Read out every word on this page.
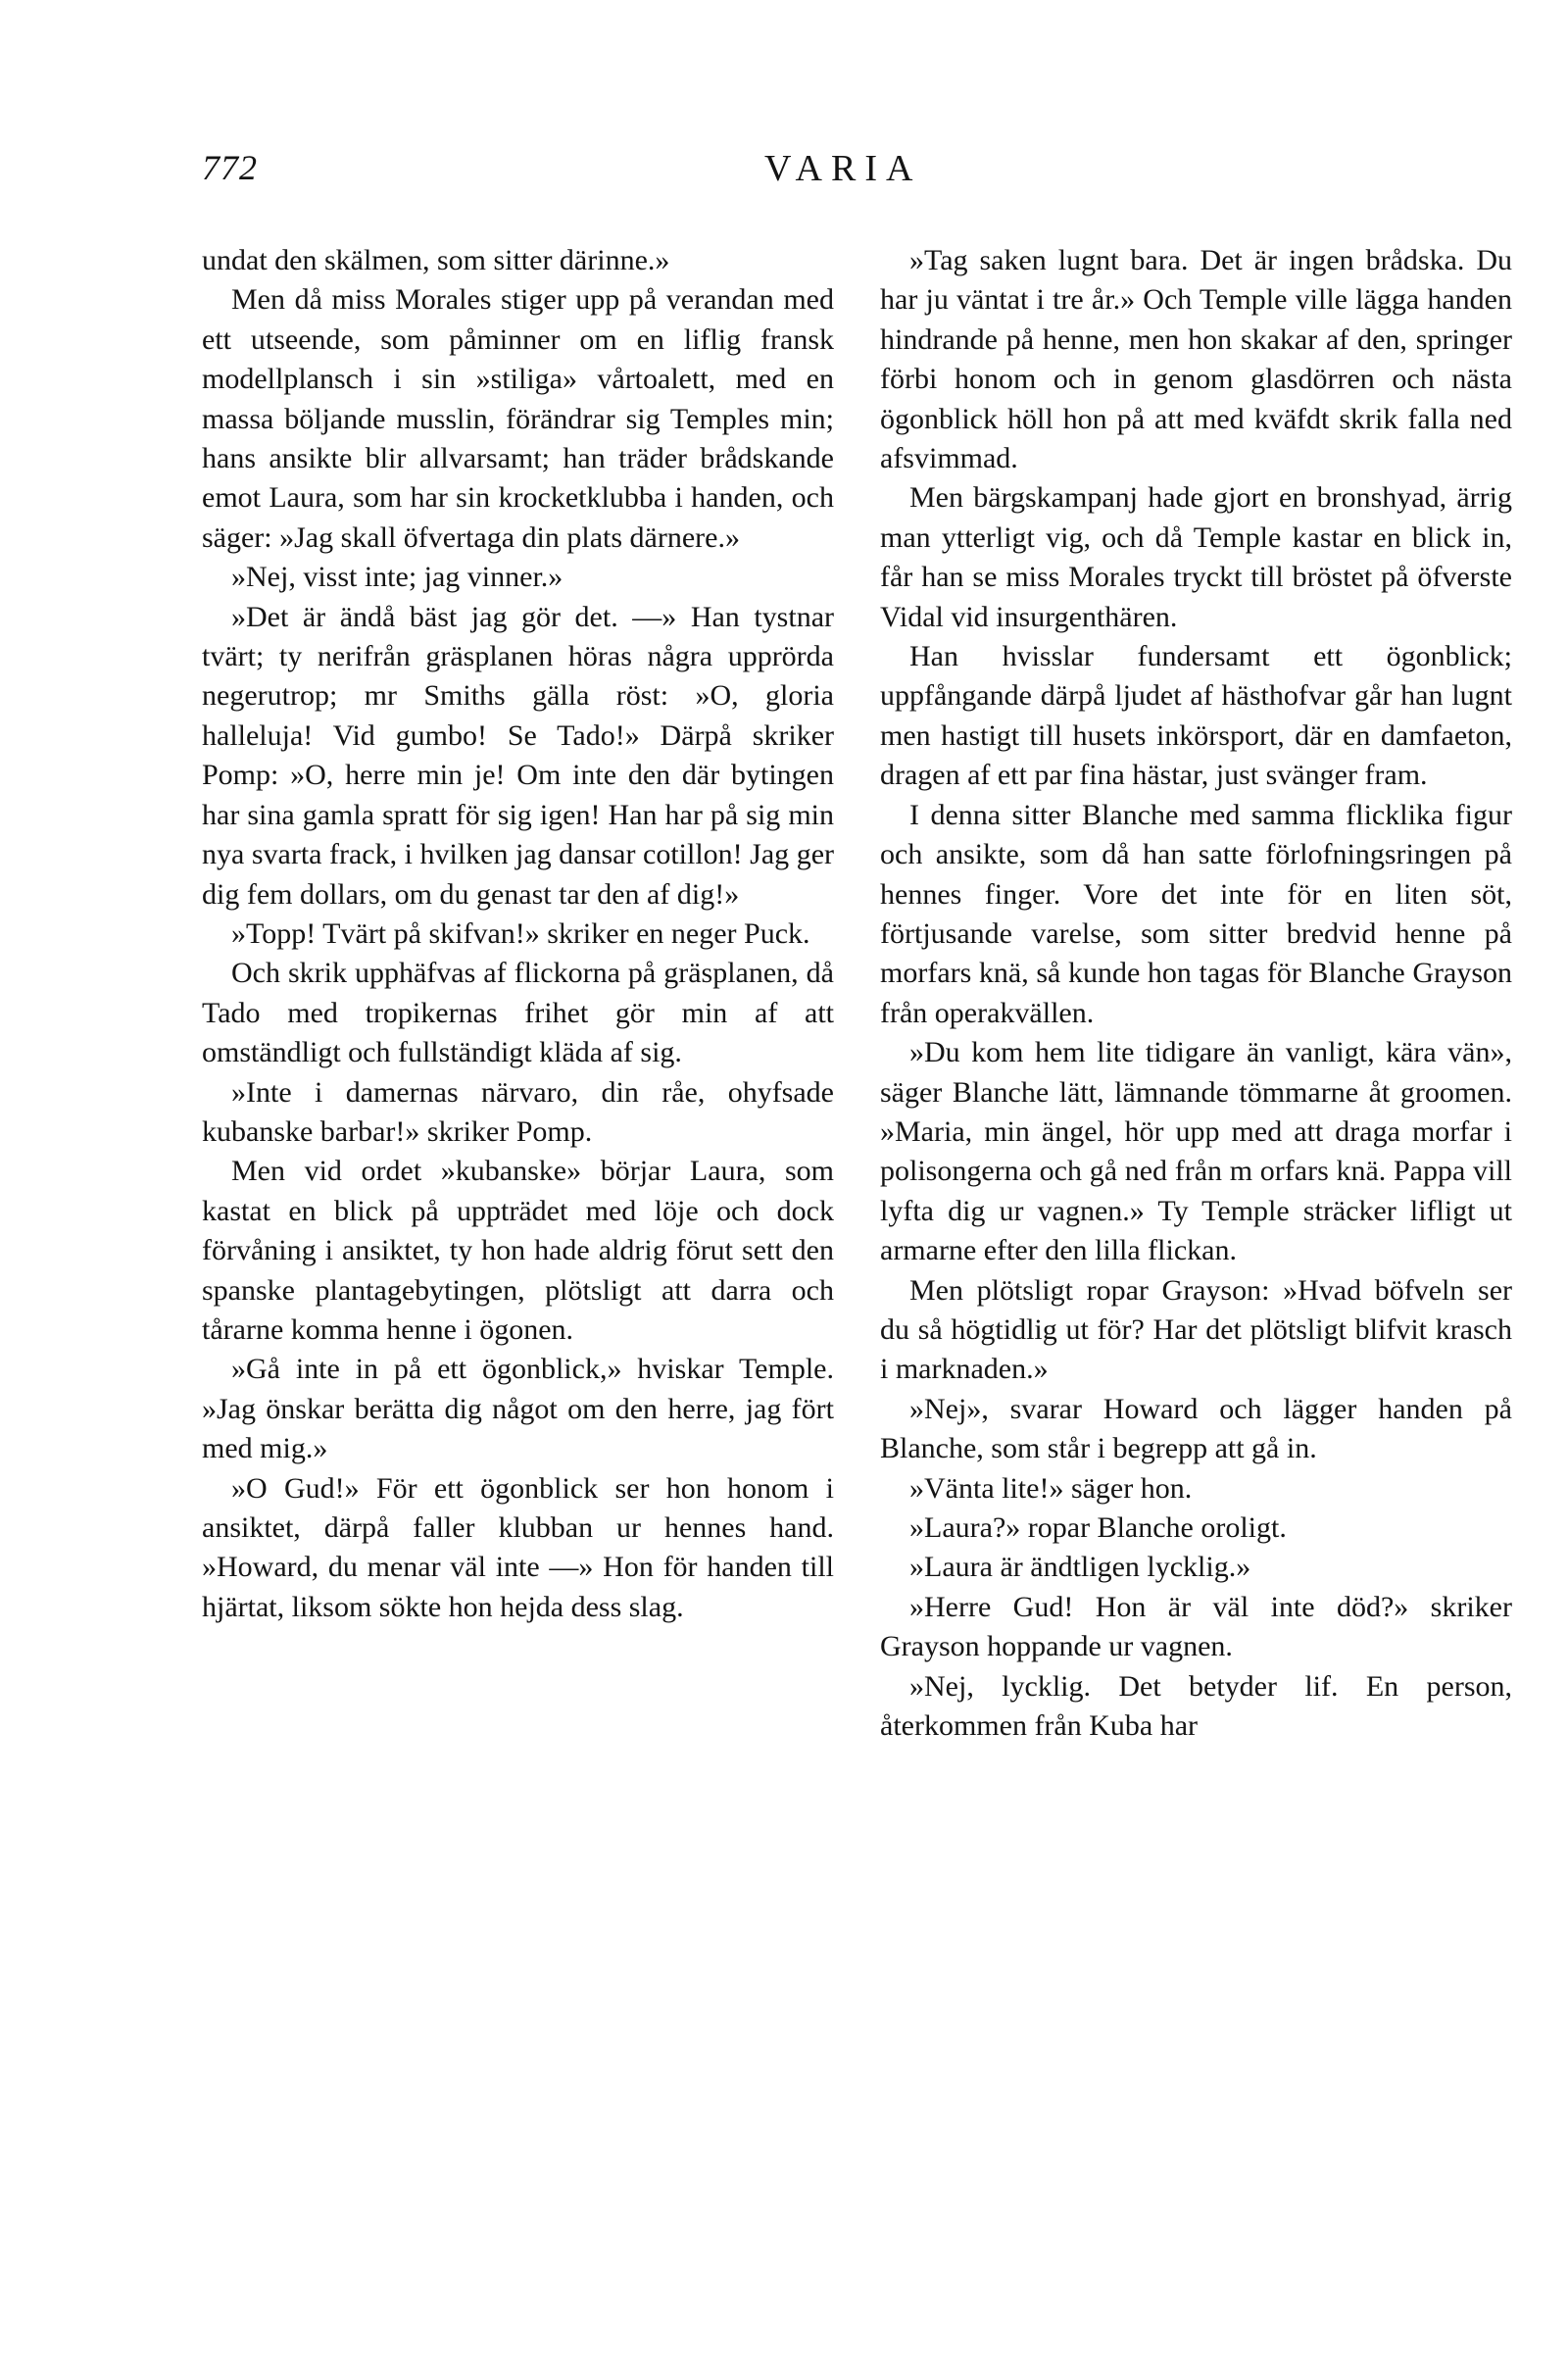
772	VARIA

undat den skälmen, som sitter därinne.»

Men då miss Morales stiger upp på verandan med ett utseende, som påminner om en liflig fransk modellplansch i sin »stiliga» vårtoalett, med en massa böljande musslin, förändrar sig Temples min; hans ansikte blir allvarsamt; han träder brådskande emot Laura, som har sin krocketklubba i handen, och säger: »Jag skall öfvertaga din plats därnere.»

»Nej, visst inte; jag vinner.»

»Det är ändå bäst jag gör det. —» Han tystnar tvärt; ty nerifrån gräsplanen höras några upprörda negerutrop; mr Smiths gälla röst: »O, gloria halleluja! Vid gumbo! Se Tado!» Därpå skriker Pomp: »O, herre min je! Om inte den där bytingen har sina gamla spratt för sig igen! Han har på sig min nya svarta frack, i hvilken jag dansar cotillon! Jag ger dig fem dollars, om du genast tar den af dig!»

»Topp! Tvärt på skifvan!» skriker en neger Puck.

Och skrik upphäfvas af flickorna på gräsplanen, då Tado med tropikernas frihet gör min af att omständligt och fullständigt kläda af sig.

»Inte i damernas närvaro, din råe, ohyfsade kubanske barbar!» skriker Pomp.

Men vid ordet »kubanske» börjar Laura, som kastat en blick på uppträdet med löje och dock förvåning i ansiktet, ty hon hade aldrig förut sett den spanske plantagebytingen, plötsligt att darra och tårarne komma henne i ögonen.

»Gå inte in på ett ögonblick,» hviskar Temple. »Jag önskar berätta dig något om den herre, jag fört med mig.»

»O Gud!» För ett ögonblick ser hon honom i ansiktet, därpå faller klubban ur hennes hand. »Howard, du menar väl inte —» Hon för handen till hjärtat, liksom sökte hon hejda dess slag.

»Tag saken lugnt bara. Det är ingen brådska. Du har ju väntat i tre år.» Och Temple ville lägga handen hindrande på henne, men hon skakar af den, springer förbi honom och in genom glasdörren och nästa ögonblick höll hon på att med kväfdt skrik falla ned afsvimmad.

Men bärgskampanj hade gjort en bronshyad, ärrig man ytterligt vig, och då Temple kastar en blick in, får han se miss Morales tryckt till bröstet på öfverste Vidal vid insurgenthären.

Han hvisslar fundersamt ett ögonblick; uppfångande därpå ljudet af hästhofvar går han lugnt men hastigt till husets inkörsport, där en damfaeton, dragen af ett par fina hästar, just svänger fram.

I denna sitter Blanche med samma flicklika figur och ansikte, som då han satte förlofningsringen på hennes finger. Vore det inte för en liten söt, förtjusande varelse, som sitter bredvid henne på morfars knä, så kunde hon tagas för Blanche Grayson från operakvällen.

»Du kom hem lite tidigare än vanligt, kära vän», säger Blanche lätt, lämnande tömmarne åt groomen. »Maria, min ängel, hör upp med att draga morfar i polisongerna och gå ned från m orfars knä. Pappa vill lyfta dig ur vagnen.» Ty Temple sträcker lifligt ut armarne efter den lilla flickan.

Men plötsligt ropar Grayson: »Hvad böfveln ser du så högtidlig ut för? Har det plötsligt blifvit krasch i marknaden.»

»Nej», svarar Howard och lägger handen på Blanche, som står i begrepp att gå in.

»Vänta lite!» säger hon.

»Laura?» ropar Blanche oroligt.

»Laura är ändtligen lycklig.»

»Herre Gud! Hon är väl inte död?» skriker Grayson hoppande ur vagnen.

»Nej, lycklig. Det betyder lif. En person, återkommen från Kuba har
